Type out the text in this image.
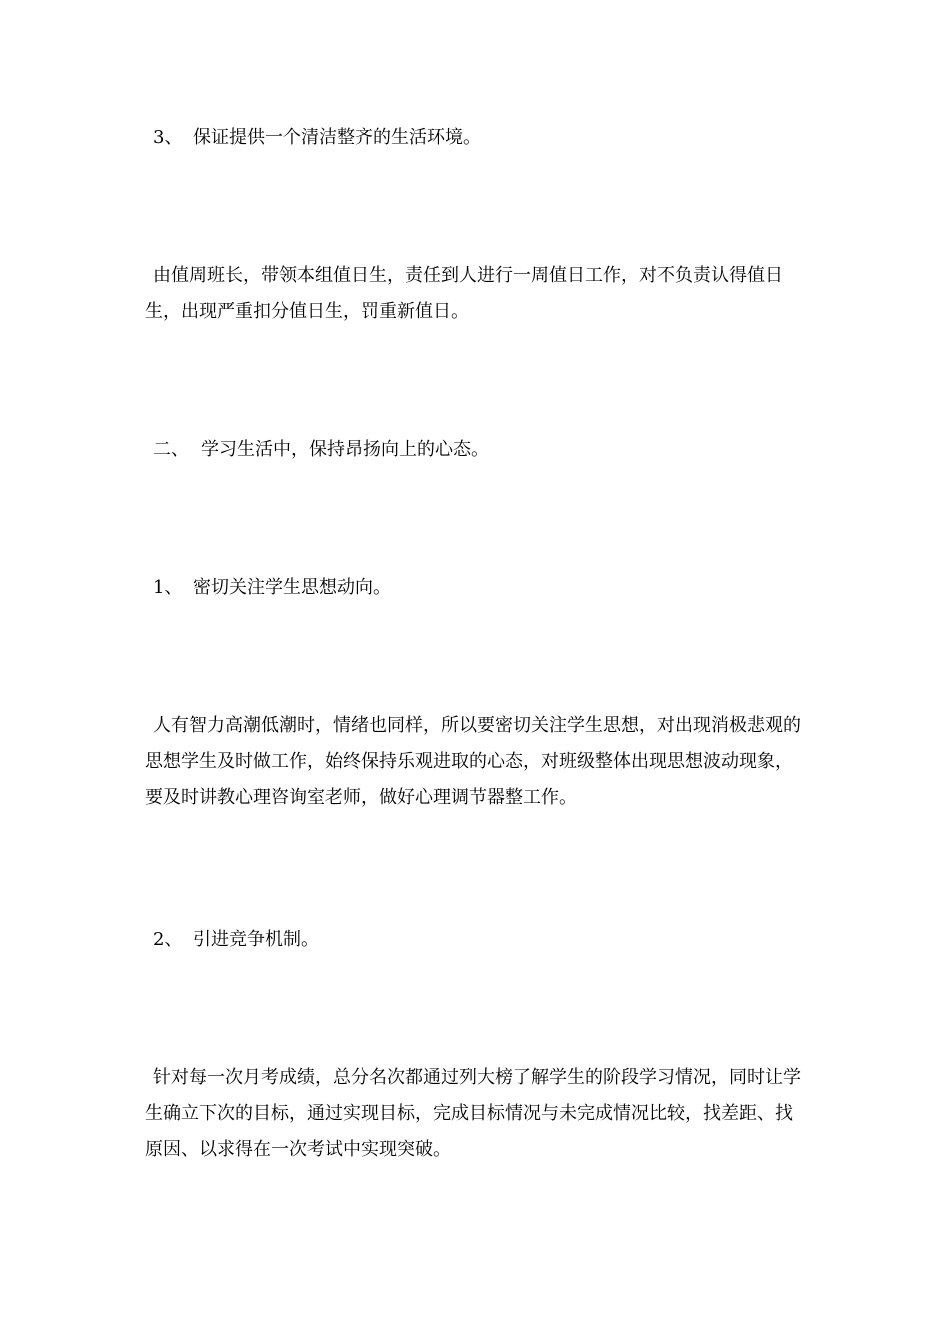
3、 保证提供一个清洁整齐的生活环境。

由值周班长，带领本组值日生，责任到人进行一周值日工作，对不负责认得值日生，出现严重扣分值日生，罚重新值日。

二、 学习生活中，保持昂扬向上的心态。

1、 密切关注学生思想动向。

人有智力高潮低潮时，情绪也同样，所以要密切关注学生思想，对出现消极悲观的思想学生及时做工作，始终保持乐观进取的心态，对班级整体出现思想波动现象，要及时讲教心理咨询室老师，做好心理调节器整工作。

2、 引进竞争机制。

针对每一次月考成绩，总分名次都通过列大榜了解学生的阶段学习情况，同时让学生确立下次的目标，通过实现目标，完成目标情况与未完成情况比较，找差距、找原因、以求得在一次考试中实现突破。
